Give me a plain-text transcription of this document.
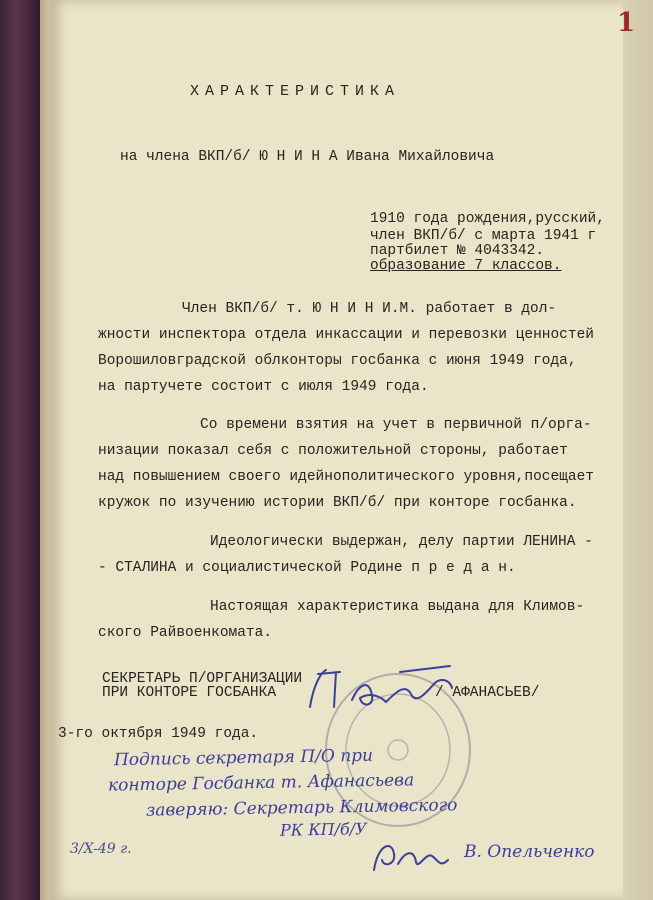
1
ХАРАКТЕРИСТИКА
на члена ВКП/б/ Ю Н И Н А Ивана Михайловича
1910 года рождения,русский,
член ВКП/б/ с марта 1941 г
партбилет № 4043342.
образование 7 классов.
Член ВКП/б/ т. Ю Н И Н И.М. работает в дол-
жности инспектора отдела инкассации и перевозки ценностей
Ворошиловградской облконторы госбанка с июня 1949 года,
на партучете состоит с июля 1949 года.
Со времени взятия на учет в первичной п/орга-
низации показал себя с положительной стороны, работает
над повышением своего идейнополитического уровня,посещает
кружок по изучению истории ВКП/б/ при конторе госбанка.
Идеологически выдержан, делу партии ЛЕНИНА -
- СТАЛИНА и социалистической Родине п р е д а н.
Настоящая характеристика выдана для Климов-
ского Райвоенкомата.
СЕКРЕТАРЬ П/ОРГАНИЗАЦИИ
ПРИ КОНТОРЕ ГОСБАНКА	/ АФАНАСЬЕВ/
3-го октября 1949 года.
Подпись секретаря П/О при
конторе Госбанка т. Афанасьева
заверяю: Секретарь Климовского
РК КП/б/У
3/X-49 г.	В. Опельченко
